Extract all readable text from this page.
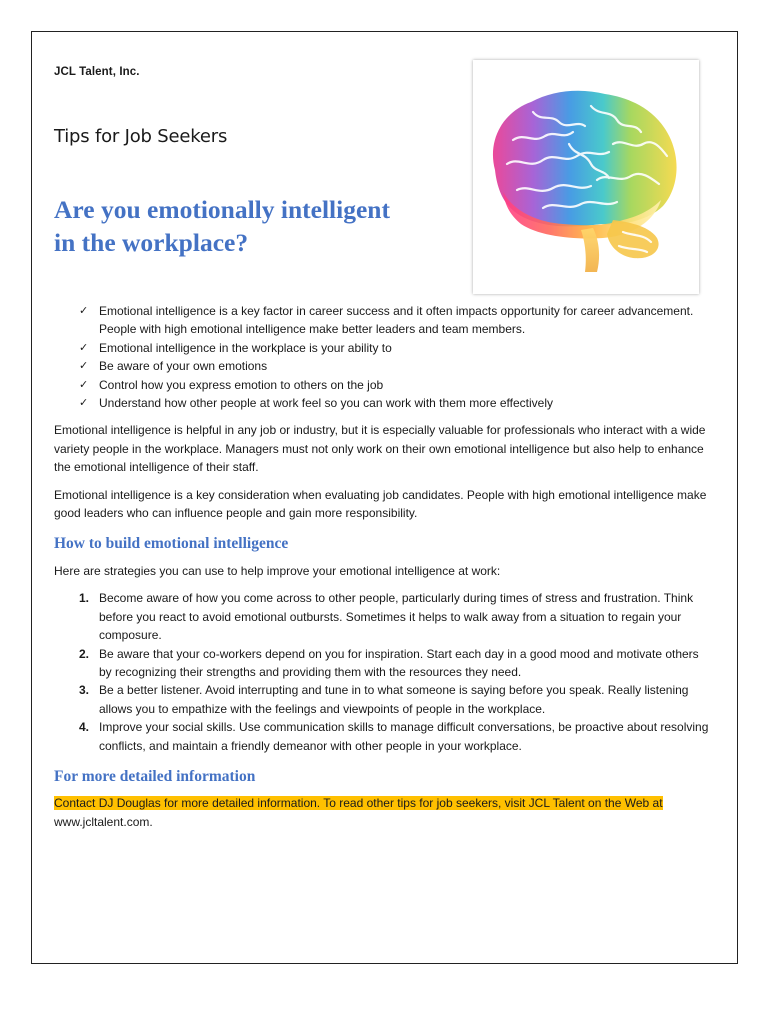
JCL Talent, Inc.
Tips for Job Seekers
Are you emotionally intelligent
in the workplace?
✓ Emotional intelligence is a key factor in career success and it often impacts opportunity for career advancement. People with high emotional intelligence make better leaders and team members.
✓ Emotional intelligence in the workplace is your ability to
✓ Be aware of your own emotions
✓ Control how you express emotion to others on the job
✓ Understand how other people at work feel so you can work with them more effectively

Emotional intelligence is helpful in any job or industry, but it is especially valuable for professionals who interact with a wide variety people in the workplace. Managers must not only work on their own emotional intelligence but also help to enhance the emotional intelligence of their staff.

Emotional intelligence is a key consideration when evaluating job candidates. People with high emotional intelligence make good leaders who can influence people and gain more responsibility.

How to build emotional intelligence

Here are strategies you can use to help improve your emotional intelligence at work:

1. Become aware of how you come across to other people, particularly during times of stress and frustration. Think before you react to avoid emotional outbursts. Sometimes it helps to walk away from a situation to regain your composure.
2. Be aware that your co-workers depend on you for inspiration. Start each day in a good mood and motivate others by recognizing their strengths and providing them with the resources they need.
3. Be a better listener. Avoid interrupting and tune in to what someone is saying before you speak. Really listening allows you to empathize with the feelings and viewpoints of people in the workplace.
4. Improve your social skills. Use communication skills to manage difficult conversations, be proactive about resolving conflicts, and maintain a friendly demeanor with other people in your workplace.
For more detailed information

Contact DJ Douglas for more detailed information. To read other tips for job seekers, visit JCL Talent on the Web at www.jcltalent.com.
